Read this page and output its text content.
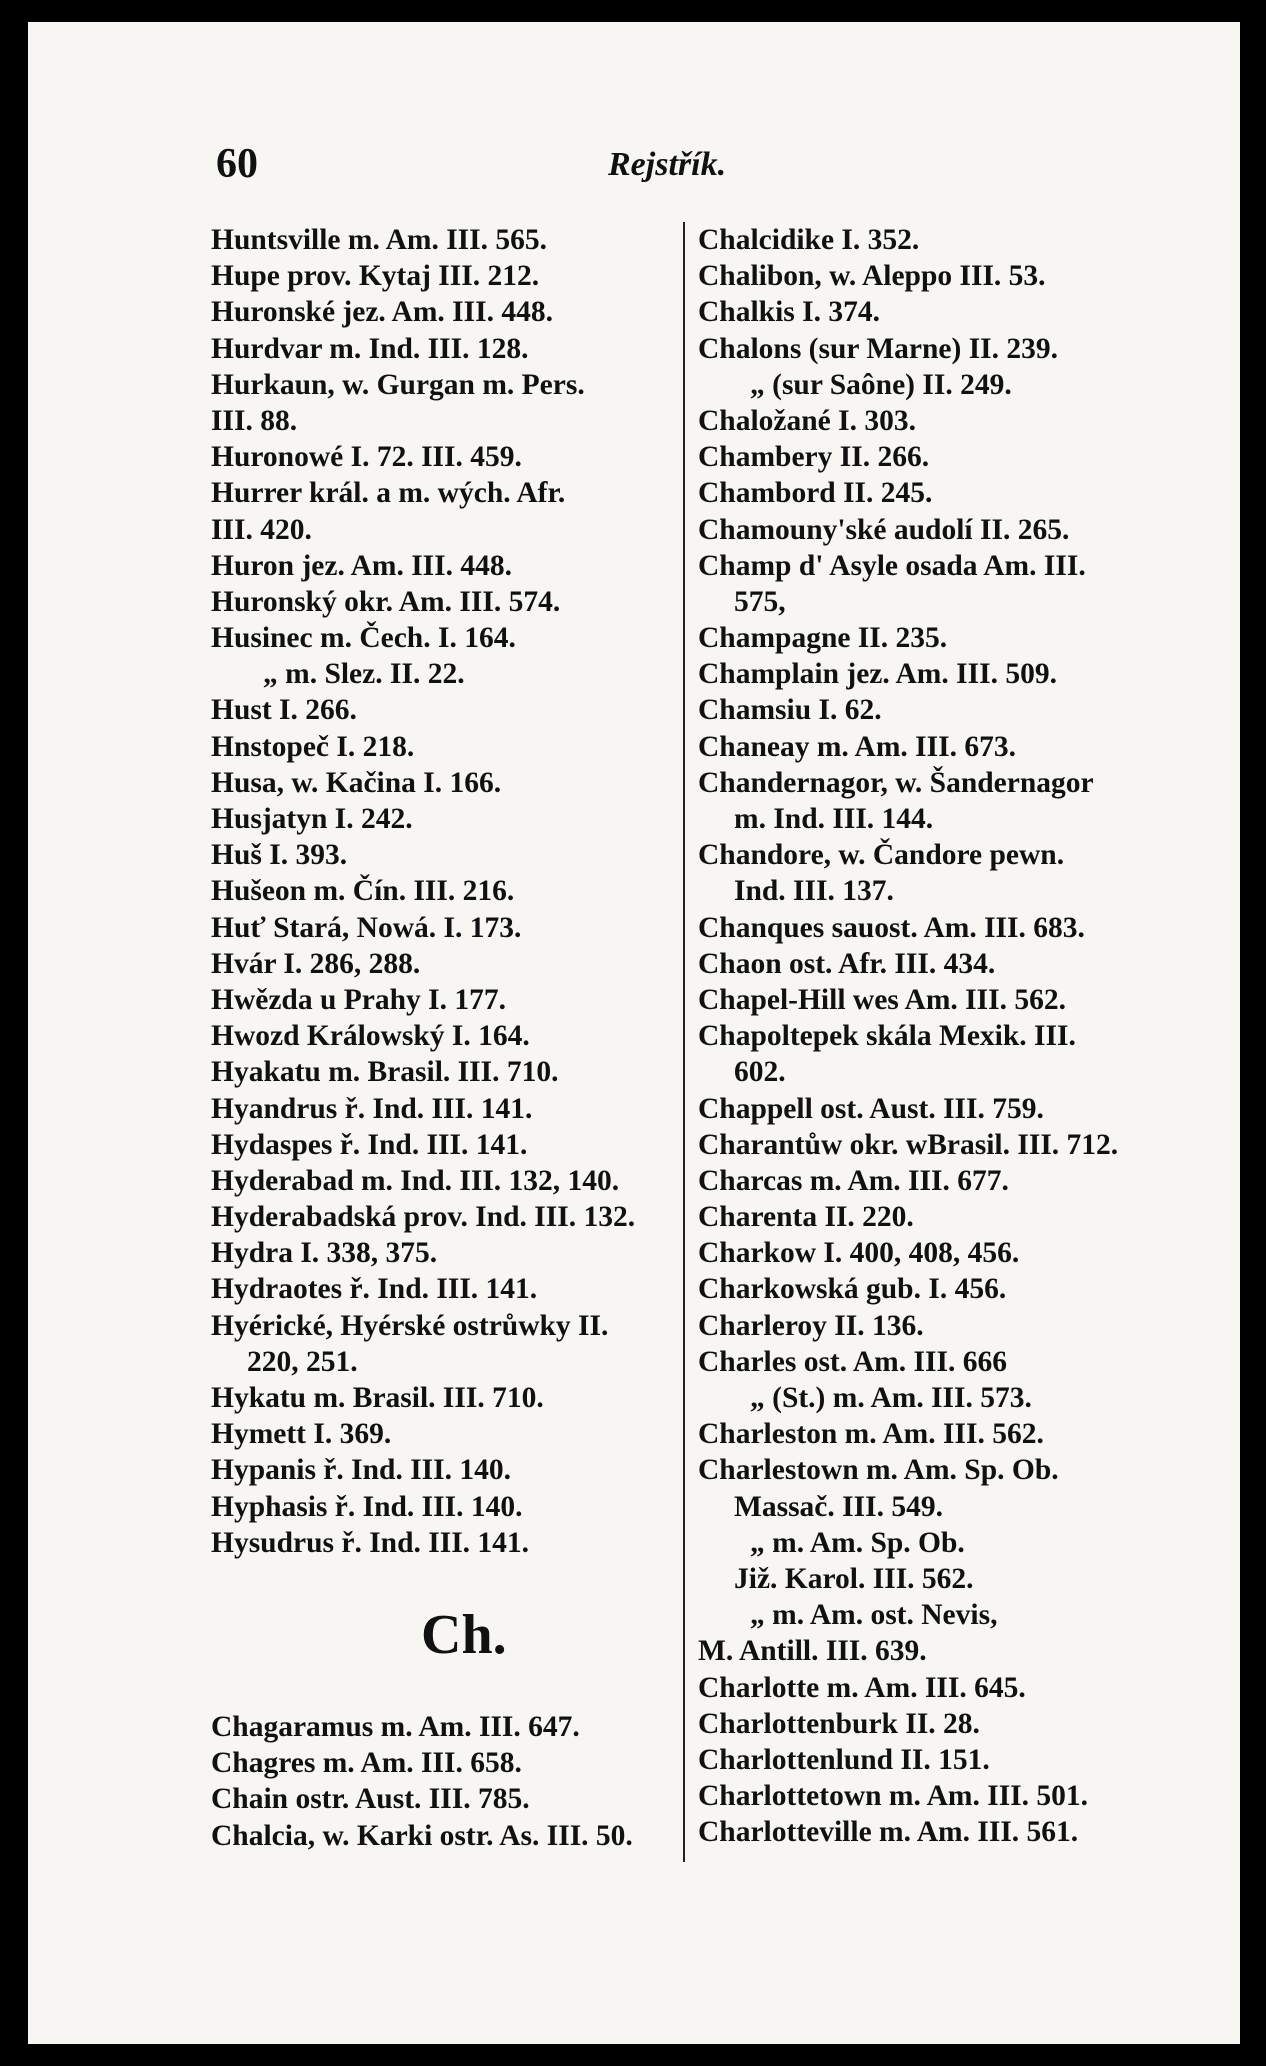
60	Rejstřík.
Huntsville m. Am. III. 565.
Hupe prov. Kytaj III. 212.
Huronské jez. Am. III. 448.
Hurdvar m. Ind. III. 128.
Hurkaun, w. Gurgan m. Pers.
III. 88.
Huronowé I. 72. III. 459.
Hurrer král. a m. wých. Afr.
III. 420.
Huron jez. Am. III. 448.
Huronský okr. Am. III. 574.
Husinec m. Čech. I. 164.
„ m. Slez. II. 22.
Hust I. 266.
Hnstopeč I. 218.
Husa, w. Kačina I. 166.
Husjatyn I. 242.
Huš I. 393.
Hušeon m. Čín. III. 216.
Huť Stará, Nowá. I. 173.
Hvár I. 286, 288.
Hwězda u Prahy I. 177.
Hwozd Králowský I. 164.
Hyakatu m. Brasil. III. 710.
Hyandrus ř. Ind. III. 141.
Hydaspes ř. Ind. III. 141.
Hyderabad m. Ind. III. 132, 140.
Hyderabadská prov. Ind. III. 132.
Hydra I. 338, 375.
Hydraotes ř. Ind. III. 141.
Hyérické, Hyérské ostrůwky II.
220, 251.
Hykatu m. Brasil. III. 710.
Hymett I. 369.
Hypanis ř. Ind. III. 140.
Hyphasis ř. Ind. III. 140.
Hysudrus ř. Ind. III. 141.
Ch.
Chagaramus m. Am. III. 647.
Chagres m. Am. III. 658.
Chain ostr. Aust. III. 785.
Chalcia, w. Karki ostr. As. III. 50.
Chalcidike I. 352.
Chalibon, w. Aleppo III. 53.
Chalkis I. 374.
Chalons (sur Marne) II. 239.
„ (sur Saône) II. 249.
Chaložané I. 303.
Chambery II. 266.
Chambord II. 245.
Chamouny'ské audolí II. 265.
Champ d' Asyle osada Am. III.
575,
Champagne II. 235.
Champlain jez. Am. III. 509.
Chamsiu I. 62.
Chaneay m. Am. III. 673.
Chandernagor, w. Šandernagor
m. Ind. III. 144.
Chandore, w. Čandore pewn.
Ind. III. 137.
Chanques sauost. Am. III. 683.
Chaon ost. Afr. III. 434.
Chapel-Hill wes Am. III. 562.
Chapoltepek skála Mexik. III.
602.
Chappell ost. Aust. III. 759.
Charantůw okr. wBrasil. III. 712.
Charcas m. Am. III. 677.
Charenta II. 220.
Charkow I. 400, 408, 456.
Charkowská gub. I. 456.
Charleroy II. 136.
Charles ost. Am. III. 666
„ (St.) m. Am. III. 573.
Charleston m. Am. III. 562.
Charlestown m. Am. Sp. Ob.
Massač. III. 549.
„ m. Am. Sp. Ob.
Již. Karol. III. 562.
„ m. Am. ost. Nevis,
M. Antill. III. 639.
Charlotte m. Am. III. 645.
Charlottenburk II. 28.
Charlottenlund II. 151.
Charlottetown m. Am. III. 501.
Charlotteville m. Am. III. 561.
